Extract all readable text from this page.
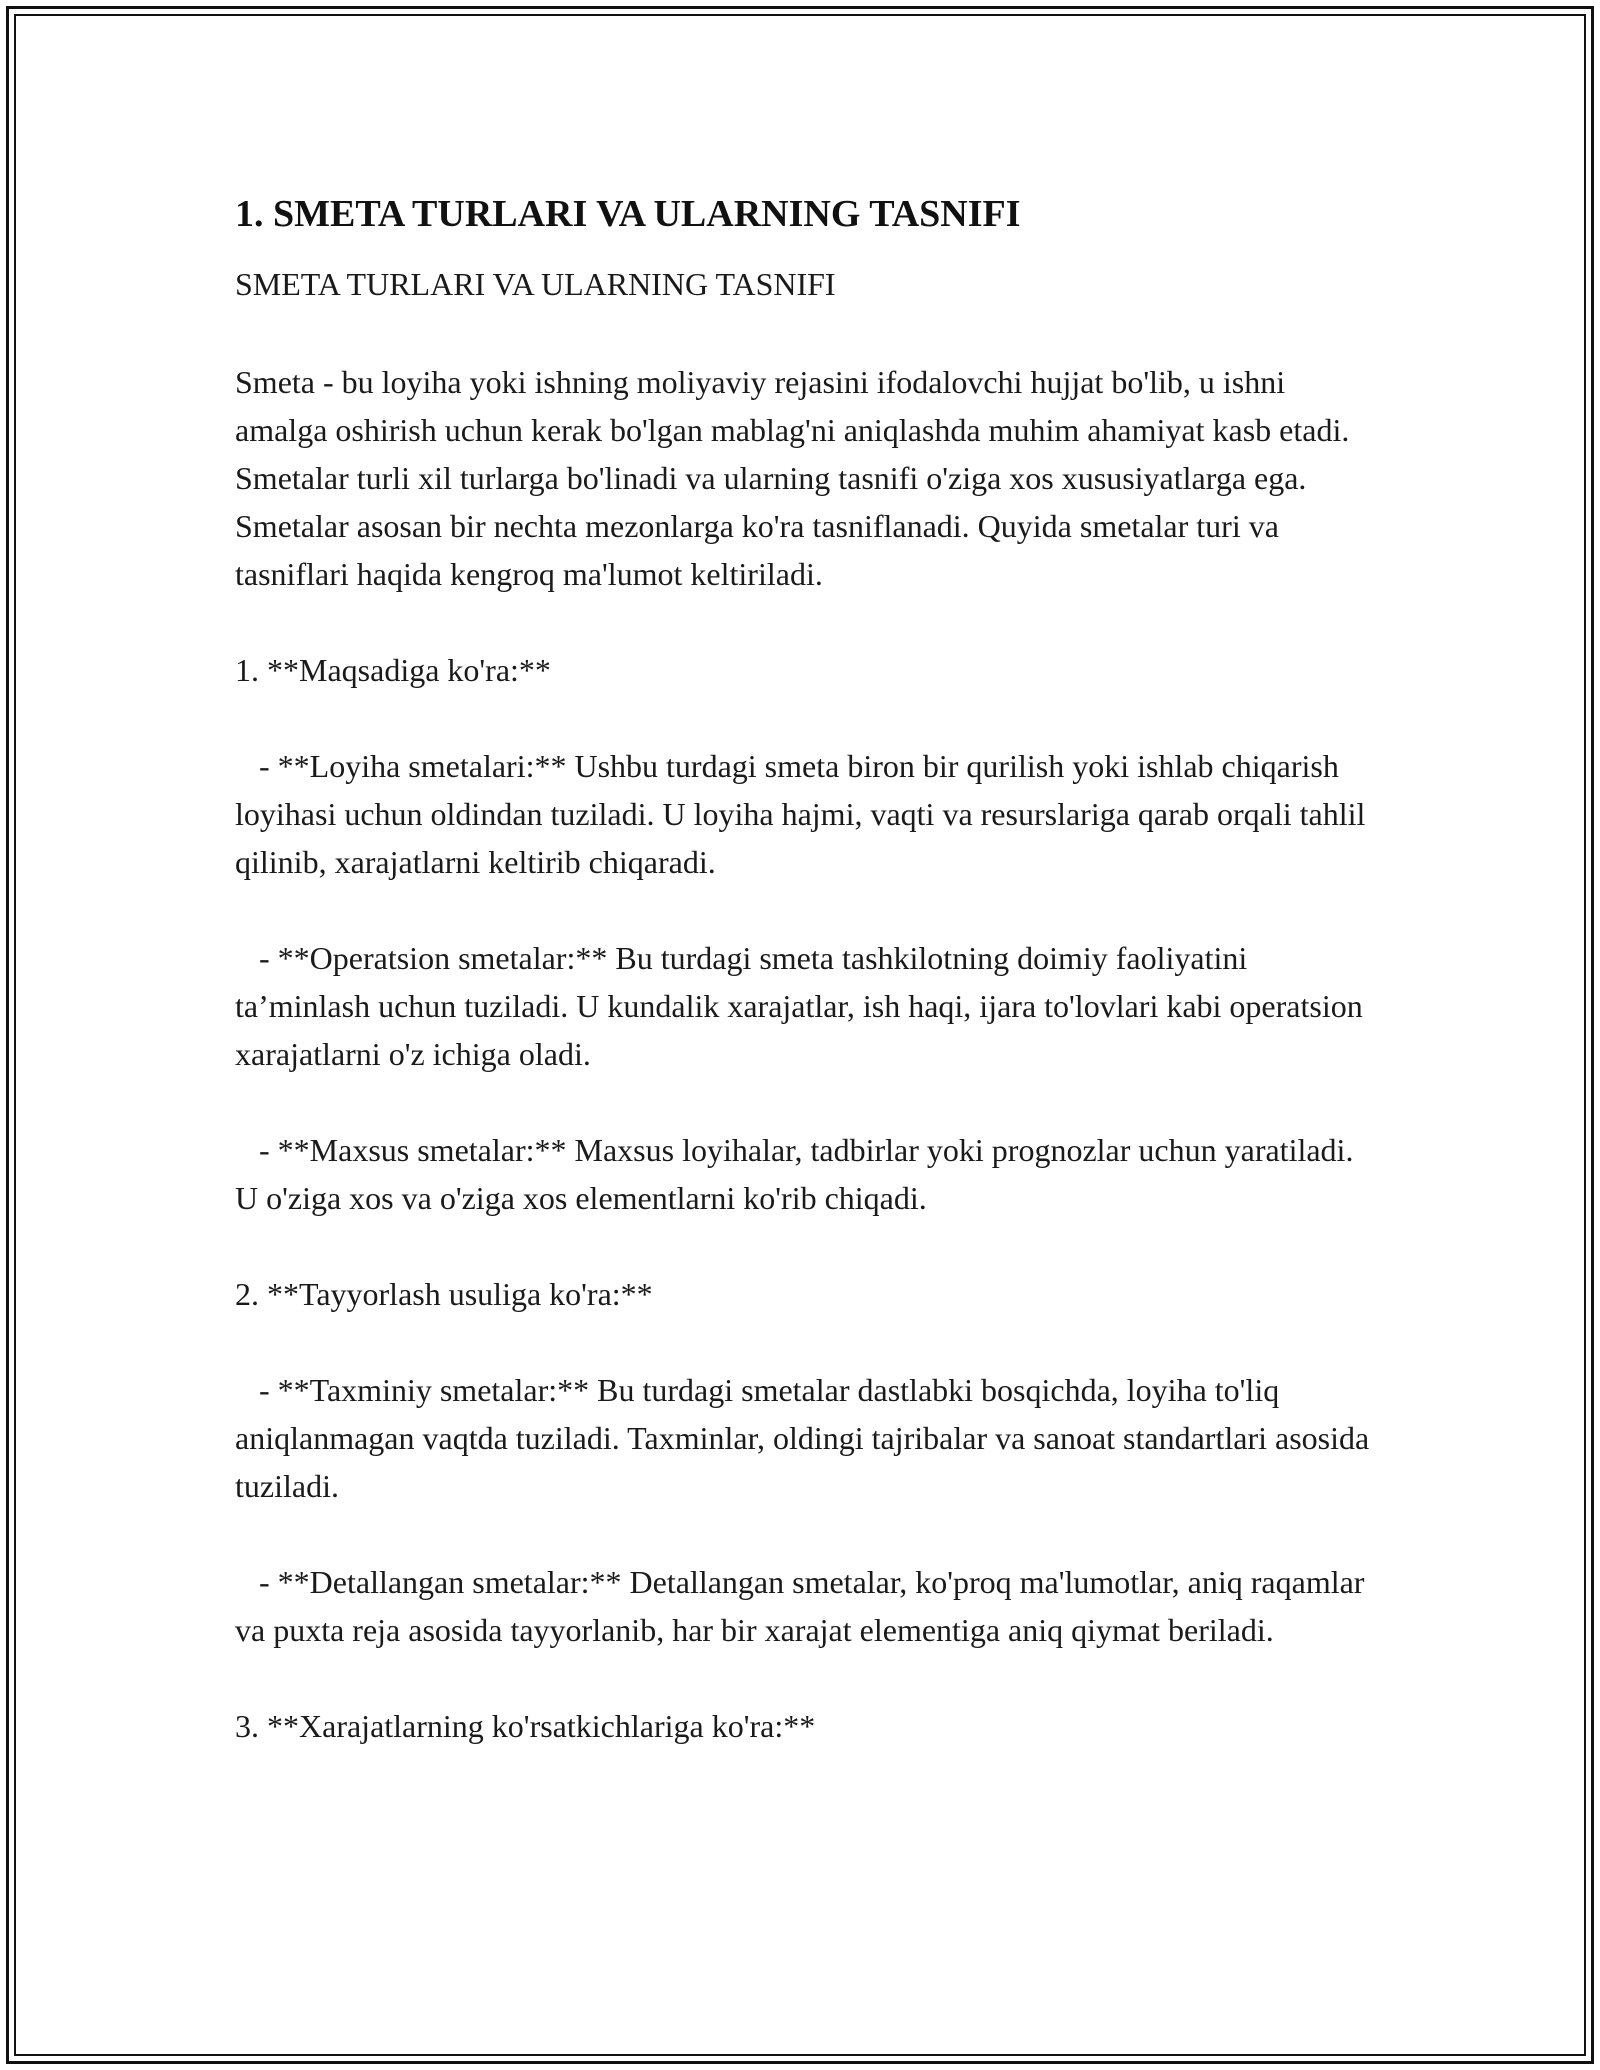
1. SMETA TURLARI VA ULARNING TASNIFI

SMETA TURLARI VA ULARNING TASNIFI

Smeta - bu loyiha yoki ishning moliyaviy rejasini ifodalovchi hujjat bo'lib, u ishni amalga oshirish uchun kerak bo'lgan mablag'ni aniqlashda muhim ahamiyat kasb etadi. Smetalar turli xil turlarga bo'linadi va ularning tasnifi o'ziga xos xususiyatlarga ega. Smetalar asosan bir nechta mezonlarga ko'ra tasniflanadi. Quyida smetalar turi va tasniflari haqida kengroq ma'lumot keltiriladi.

1. **Maqsadiga ko'ra:**

- **Loyiha smetalari:** Ushbu turdagi smeta biron bir qurilish yoki ishlab chiqarish loyihasi uchun oldindan tuziladi. U loyiha hajmi, vaqti va resurslariga qarab orqali tahlil qilinib, xarajatlarni keltirib chiqaradi.

- **Operatsion smetalar:** Bu turdagi smeta tashkilotning doimiy faoliyatini ta’minlash uchun tuziladi. U kundalik xarajatlar, ish haqi, ijara to'lovlari kabi operatsion xarajatlarni o'z ichiga oladi.

- **Maxsus smetalar:** Maxsus loyihalar, tadbirlar yoki prognozlar uchun yaratiladi. U o'ziga xos va o'ziga xos elementlarni ko'rib chiqadi.

2. **Tayyorlash usuliga ko'ra:**

- **Taxminiy smetalar:** Bu turdagi smetalar dastlabki bosqichda, loyiha to'liq aniqlanmagan vaqtda tuziladi. Taxminlar, oldingi tajribalar va sanoat standartlari asosida tuziladi.

- **Detallangan smetalar:** Detallangan smetalar, ko'proq ma'lumotlar, aniq raqamlar va puxta reja asosida tayyorlanib, har bir xarajat elementiga aniq qiymat beriladi.

3. **Xarajatlarning ko'rsatkichlariga ko'ra:**
